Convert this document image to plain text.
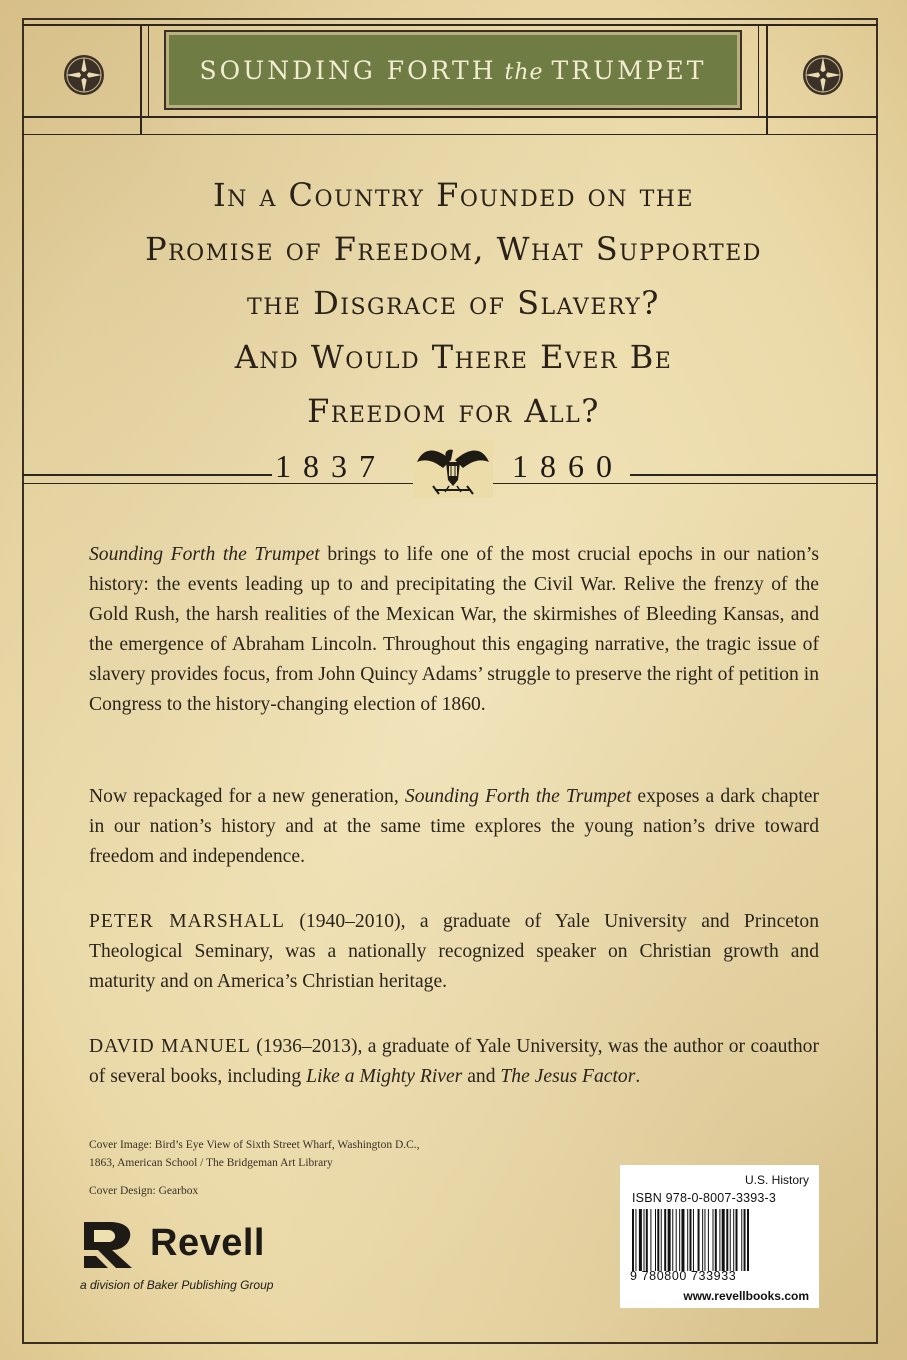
SOUNDING FORTH the TRUMPET
In a Country Founded on the
Promise of Freedom, What Supported
the Disgrace of Slavery?
And Would There Ever Be
Freedom for All?
1837	1860
Sounding Forth the Trumpet brings to life one of the most crucial epochs in our nation’s history: the events leading up to and precipitating the Civil War. Relive the frenzy of the Gold Rush, the harsh realities of the Mexican War, the skirmishes of Bleeding Kansas, and the emergence of Abraham Lincoln. Throughout this engaging narrative, the tragic issue of slavery provides focus, from John Quincy Adams’ struggle to preserve the right of petition in Congress to the history-changing election of 1860.
Now repackaged for a new generation, Sounding Forth the Trumpet exposes a dark chapter in our nation’s history and at the same time explores the young nation’s drive toward freedom and independence.
PETER MARSHALL (1940–2010), a graduate of Yale University and Princeton Theological Seminary, was a nationally recognized speaker on Christian growth and maturity and on America’s Christian heritage.
DAVID MANUEL (1936–2013), a graduate of Yale University, was the author or coauthor of several books, including Like a Mighty River and The Jesus Factor.
Cover Image: Bird’s Eye View of Sixth Street Wharf, Washington D.C.,
1863, American School / The Bridgeman Art Library
Cover Design: Gearbox
Revell
a division of Baker Publishing Group
U.S. History
ISBN 978-0-8007-3393-3
9 780800 733933
www.revellbooks.com
